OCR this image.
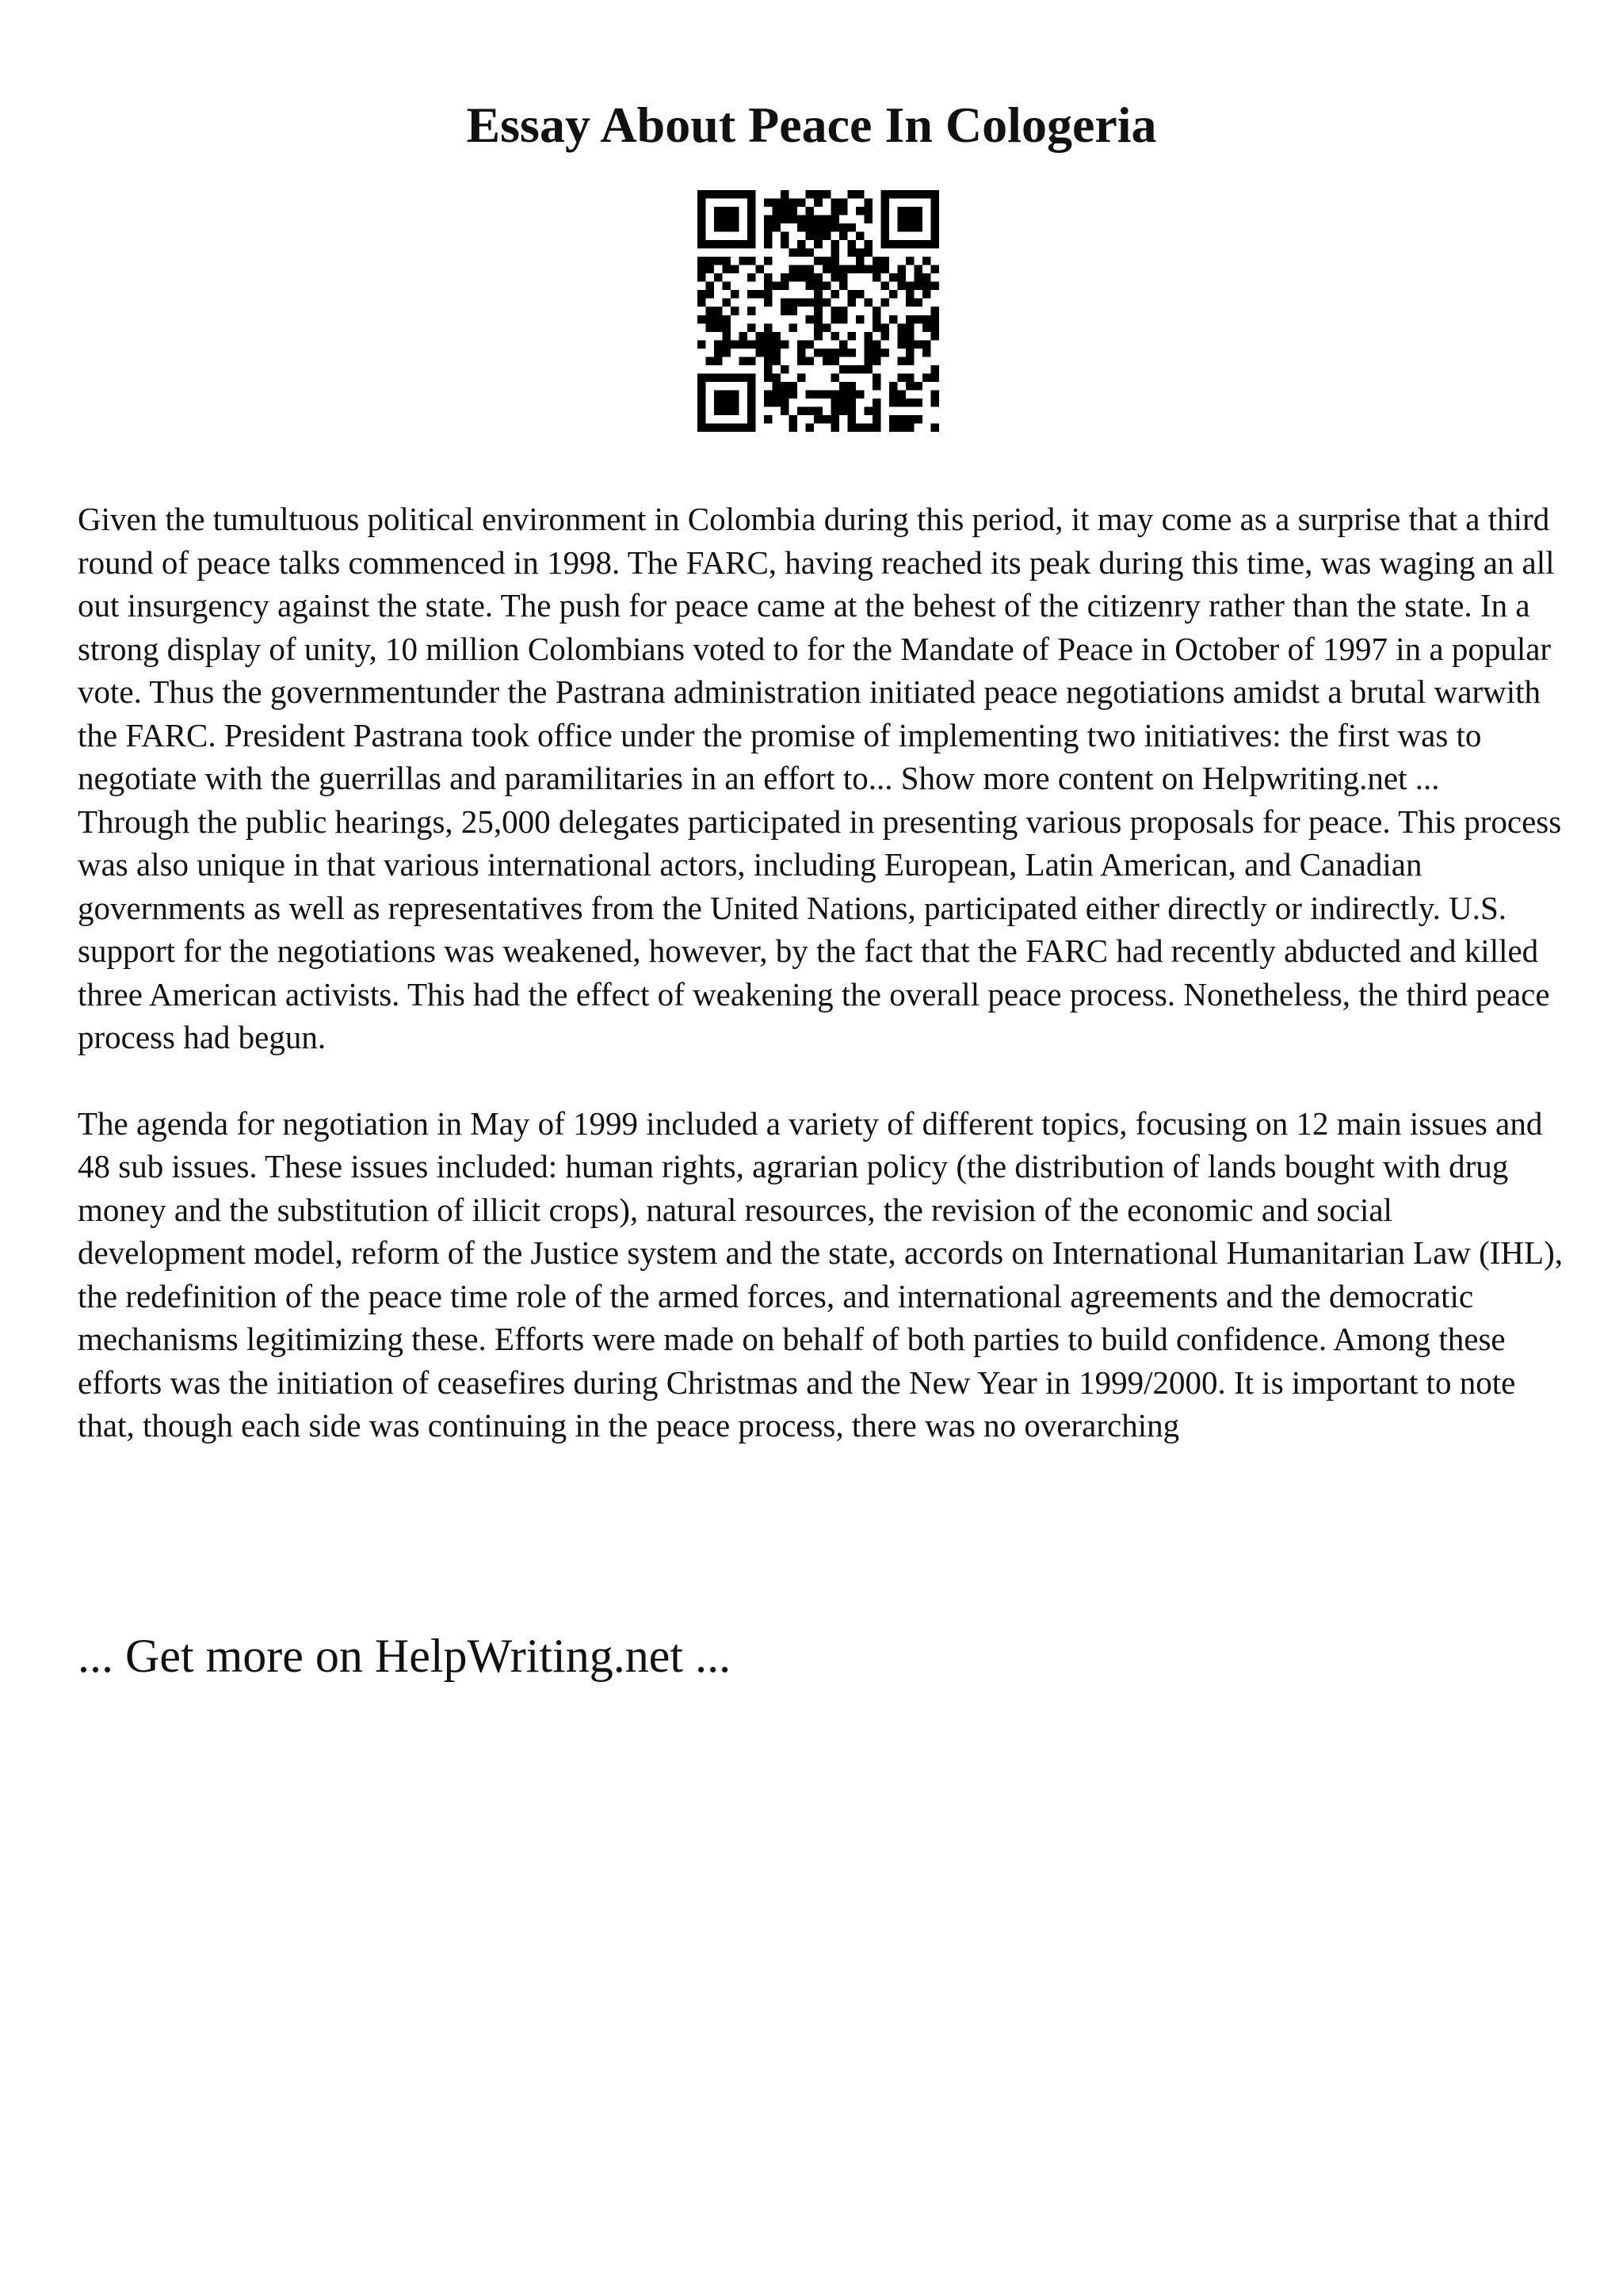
Essay About Peace In Cologeria

Given the tumultuous political environment in Colombia during this period, it may come as a surprise that a third round of peace talks commenced in 1998. The FARC, having reached its peak during this time, was waging an all out insurgency against the state. The push for peace came at the behest of the citizenry rather than the state. In a strong display of unity, 10 million Colombians voted to for the Mandate of Peace in October of 1997 in a popular vote. Thus the governmentunder the Pastrana administration initiated peace negotiations amidst a brutal warwith the FARC. President Pastrana took office under the promise of implementing two initiatives: the first was to negotiate with the guerrillas and paramilitaries in an effort to... Show more content on Helpwriting.net ...

Through the public hearings, 25,000 delegates participated in presenting various proposals for peace. This process was also unique in that various international actors, including European, Latin American, and Canadian governments as well as representatives from the United Nations, participated either directly or indirectly. U.S. support for the negotiations was weakened, however, by the fact that the FARC had recently abducted and killed three American activists. This had the effect of weakening the overall peace process. Nonetheless, the third peace process had begun.

The agenda for negotiation in May of 1999 included a variety of different topics, focusing on 12 main issues and 48 sub issues. These issues included: human rights, agrarian policy (the distribution of lands bought with drug money and the substitution of illicit crops), natural resources, the revision of the economic and social development model, reform of the Justice system and the state, accords on International Humanitarian Law (IHL), the redefinition of the peace time role of the armed forces, and international agreements and the democratic mechanisms legitimizing these. Efforts were made on behalf of both parties to build confidence. Among these efforts was the initiation of ceasefires during Christmas and the New Year in 1999/2000. It is important to note that, though each side was continuing in the peace process, there was no overarching

... Get more on HelpWriting.net ...
